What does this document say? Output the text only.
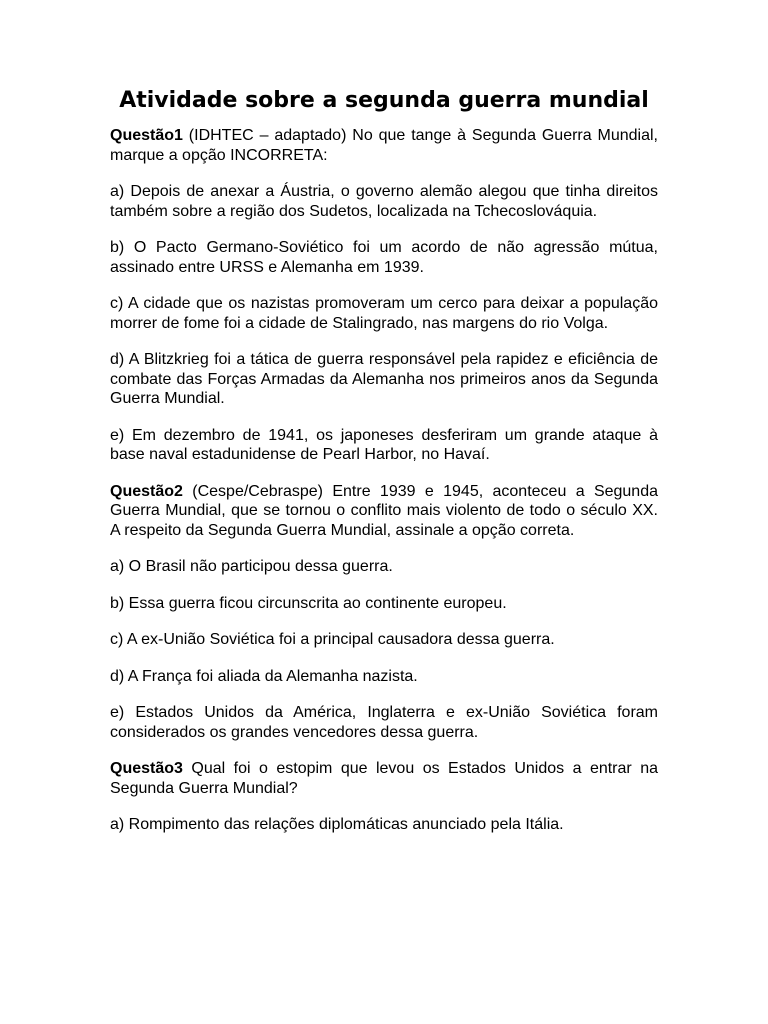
Atividade sobre a segunda guerra mundial

Questão1 (IDHTEC – adaptado) No que tange à Segunda Guerra Mundial, marque a opção INCORRETA:

a) Depois de anexar a Áustria, o governo alemão alegou que tinha direitos também sobre a região dos Sudetos, localizada na Tchecoslováquia.

b) O Pacto Germano-Soviético foi um acordo de não agressão mútua, assinado entre URSS e Alemanha em 1939.

c) A cidade que os nazistas promoveram um cerco para deixar a população morrer de fome foi a cidade de Stalingrado, nas margens do rio Volga.

d) A Blitzkrieg foi a tática de guerra responsável pela rapidez e eficiência de combate das Forças Armadas da Alemanha nos primeiros anos da Segunda Guerra Mundial.

e) Em dezembro de 1941, os japoneses desferiram um grande ataque à base naval estadunidense de Pearl Harbor, no Havaí.

Questão2 (Cespe/Cebraspe) Entre 1939 e 1945, aconteceu a Segunda Guerra Mundial, que se tornou o conflito mais violento de todo o século XX. A respeito da Segunda Guerra Mundial, assinale a opção correta.

a) O Brasil não participou dessa guerra.

b) Essa guerra ficou circunscrita ao continente europeu.

c) A ex-União Soviética foi a principal causadora dessa guerra.

d) A França foi aliada da Alemanha nazista.

e) Estados Unidos da América, Inglaterra e ex-União Soviética foram considerados os grandes vencedores dessa guerra.

Questão3 Qual foi o estopim que levou os Estados Unidos a entrar na Segunda Guerra Mundial?

a) Rompimento das relações diplomáticas anunciado pela Itália.
